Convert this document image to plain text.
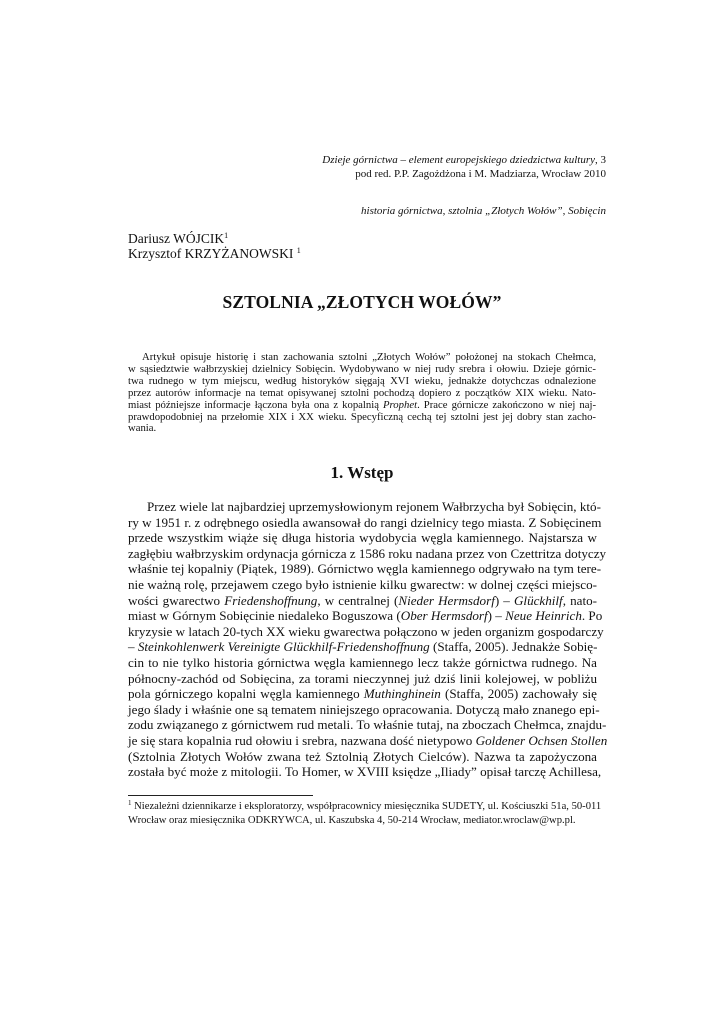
Dzieje górnictwa – element europejskiego dziedzictwa kultury, 3
pod red. P.P. Zagożdżona i M. Madziarza, Wrocław 2010
historia górnictwa, sztolnia „Złotych Wołów”, Sobięcin
Dariusz WÓJCIK$^1$
Krzysztof KRZYŻANOWSKI $^1$
SZTOLNIA „ZŁOTYCH WOŁÓW”
Artykuł opisuje historię i stan zachowania sztolni „Złotych Wołów” położonej na stokach Chełmca,
w sąsiedztwie wałbrzyskiej dzielnicy Sobięcin. Wydobywano w niej rudy srebra i ołowiu. Dzieje górnic-
twa rudnego w tym miejscu, według historyków sięgają XVI wieku, jednakże dotychczas odnalezione
przez autorów informacje na temat opisywanej sztolni pochodzą dopiero z początków XIX wieku. Nato-
miast późniejsze informacje łączona była ona z kopalnią Prophet. Prace górnicze zakończono w niej naj-
prawdopodobniej na przełomie XIX i XX wieku. Specyficzną cechą tej sztolni jest jej dobry stan zacho-
wania.
1. Wstęp
Przez wiele lat najbardziej uprzemysłowionym rejonem Wałbrzycha był Sobięcin, któ-
ry w 1951 r. z odrębnego osiedla awansował do rangi dzielnicy tego miasta. Z Sobięcinem
przede wszystkim wiąże się długa historia wydobycia węgla kamiennego. Najstarsza w
zagłębiu wałbrzyskim ordynacja górnicza z 1586 roku nadana przez von Czettritza dotyczy
właśnie tej kopalniy (Piątek, 1989). Górnictwo węgla kamiennego odgrywało na tym tere-
nie ważną rolę, przejawem czego było istnienie kilku gwarectw: w dolnej części miejsco-
wości gwarectwo Friedenshoffnung, w centralnej (Nieder Hermsdorf) – Glückhilf, nato-
miast w Górnym Sobięcinie niedaleko Boguszowa (Ober Hermsdorf) – Neue Heinrich. Po
kryzysie w latach 20-tych XX wieku gwarectwa połączono w jeden organizm gospodarczy
– Steinkohlenwerk Vereinigte Glückhilf-Friedenshoffnung (Staffa, 2005). Jednakże Sobię-
cin to nie tylko historia górnictwa węgla kamiennego lecz także górnictwa rudnego. Na
północny-zachód od Sobięcina, za torami nieczynnej już dziś linii kolejowej, w pobliżu
pola górniczego kopalni węgla kamiennego Muthinghinein (Staffa, 2005) zachowały się
jego ślady i właśnie one są tematem niniejszego opracowania. Dotyczą mało znanego epi-
zodu związanego z górnictwem rud metali. To właśnie tutaj, na zboczach Chełmca, znajdu-
je się stara kopalnia rud ołowiu i srebra, nazwana dość nietypowo Goldener Ochsen Stollen
(Sztolnia Złotych Wołów zwana też Sztolnią Złotych Cielców). Nazwa ta zapożyczona
została być może z mitologii. To Homer, w XVIII księdze „Iliady” opisał tarczę Achillesa,
$^1$ Niezależni dziennikarze i eksploratorzy, współpracownicy miesięcznika SUDETY, ul. Kościuszki 51a, 50-011
Wrocław oraz miesięcznika ODKRYWCA, ul. Kaszubska 4, 50-214 Wrocław, mediator.wroclaw@wp.pl.
